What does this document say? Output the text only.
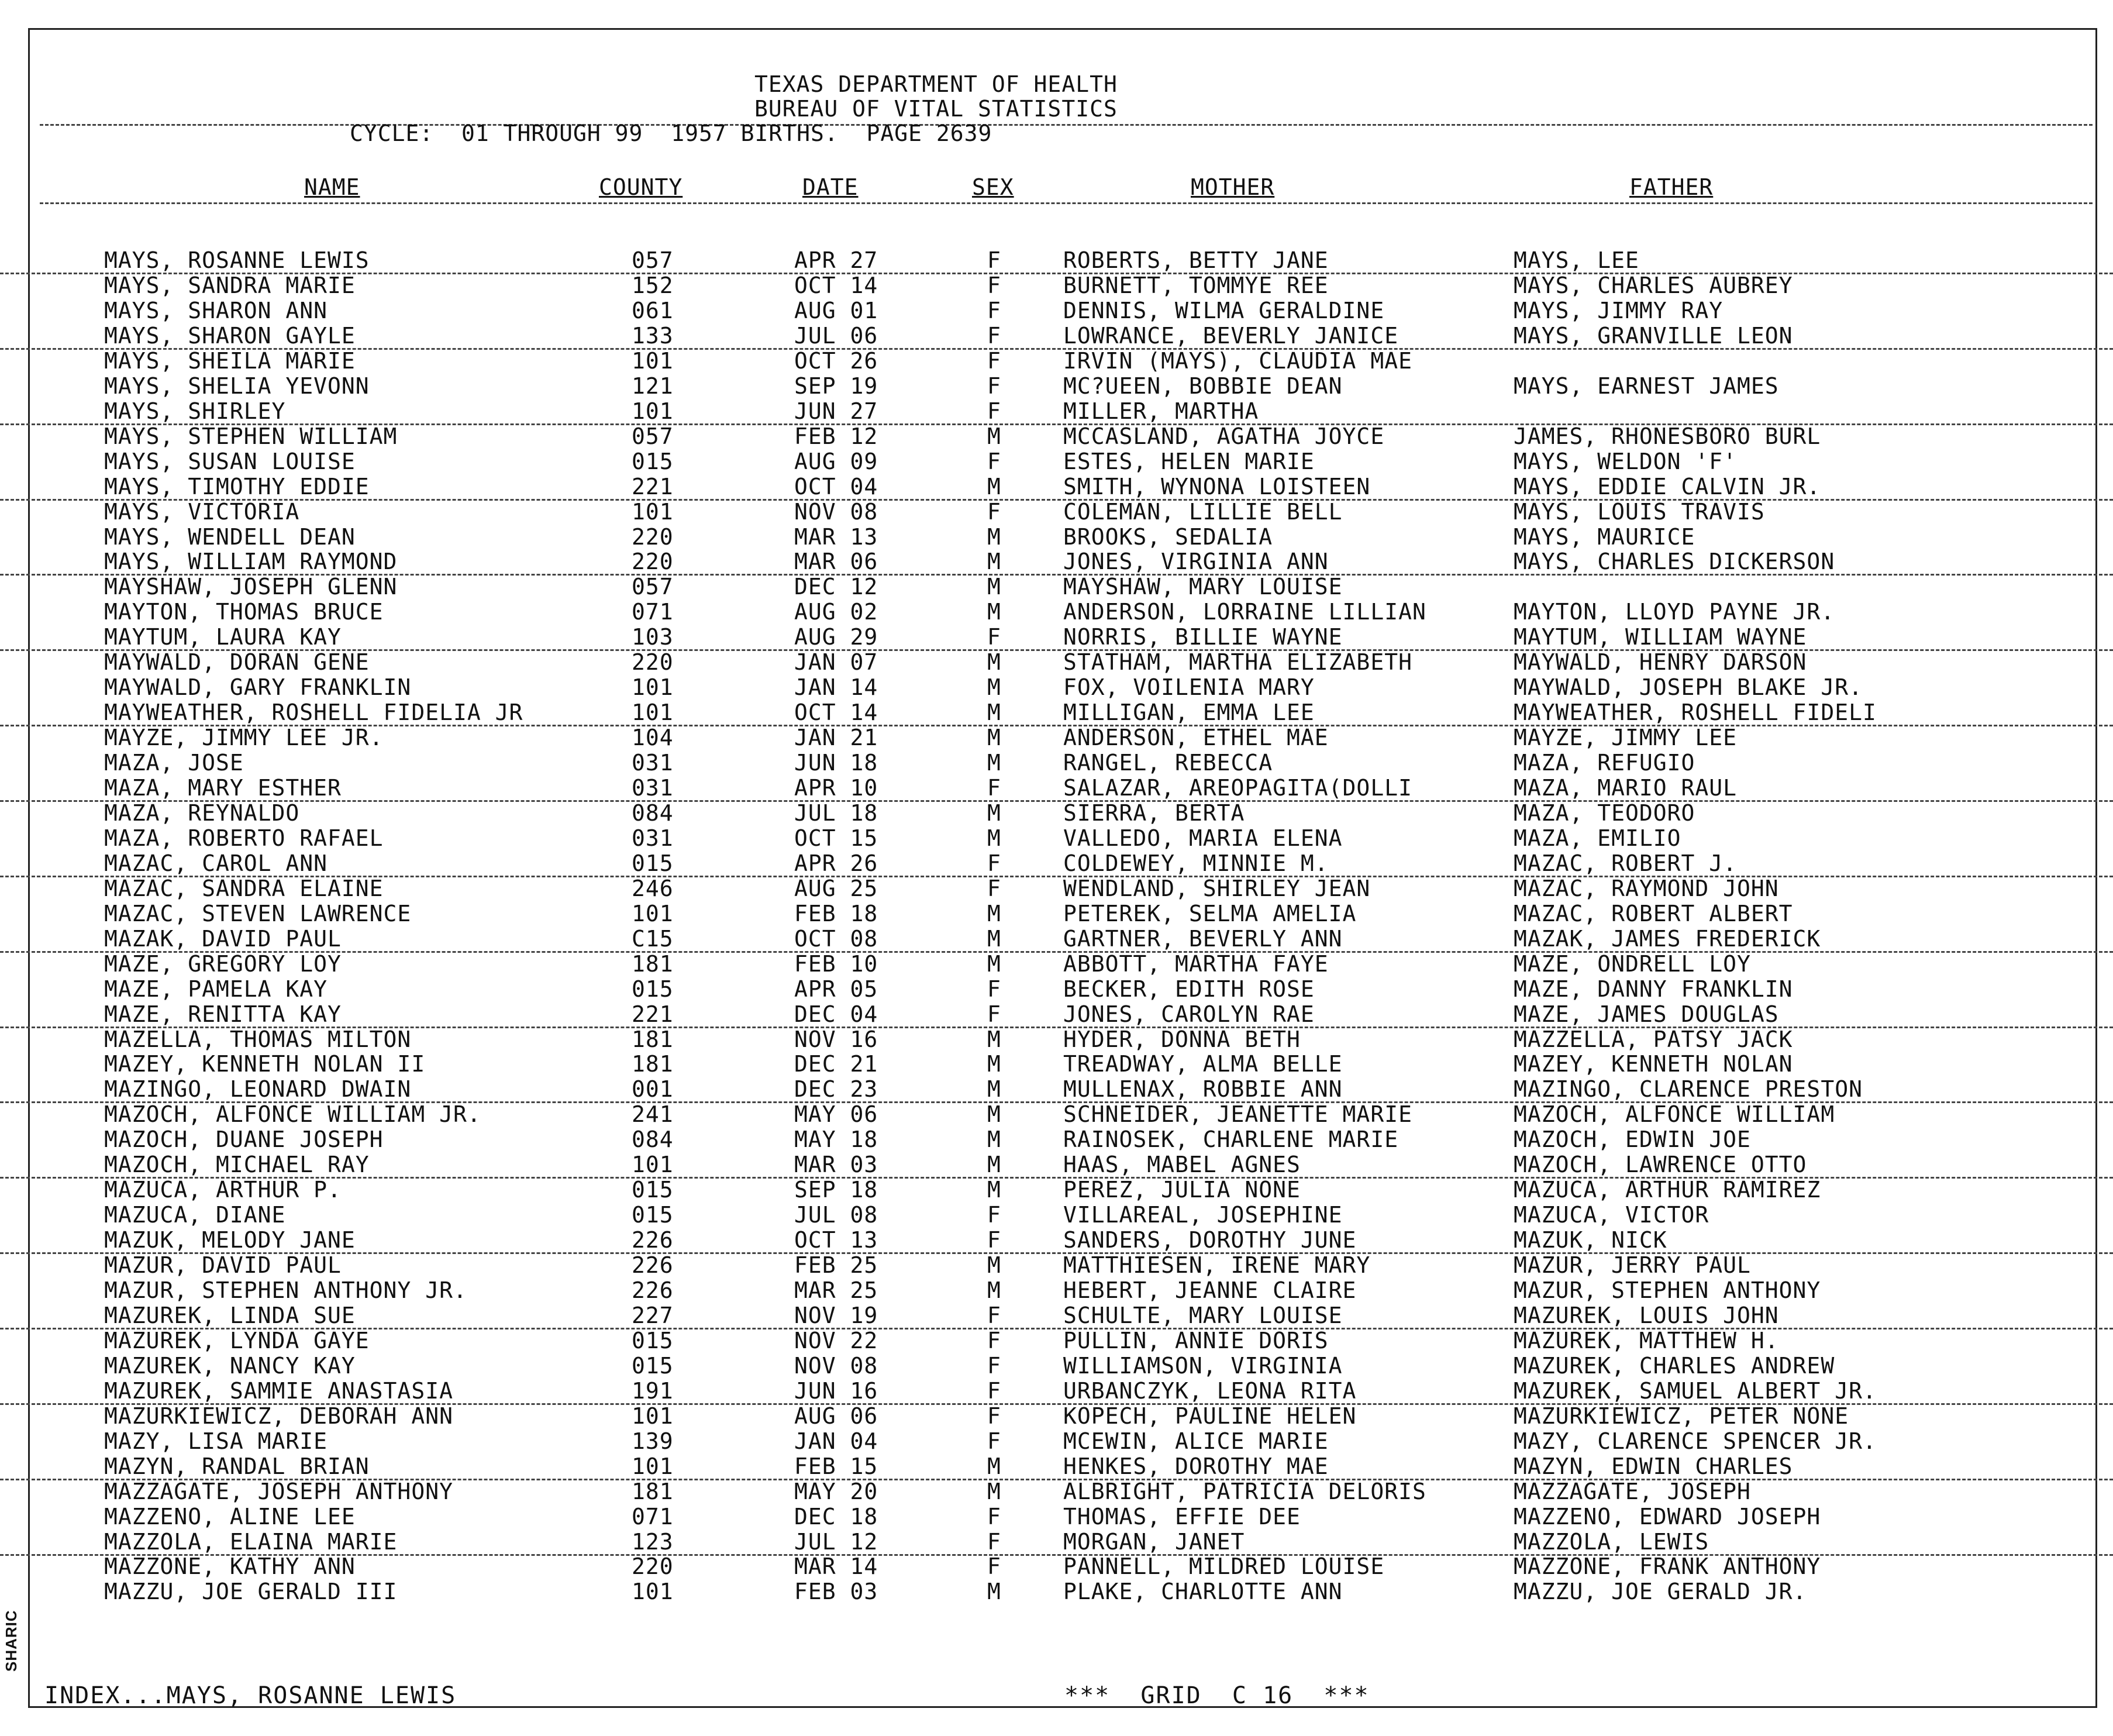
SHARIC
TEXAS DEPARTMENT OF HEALTH
BUREAU OF VITAL STATISTICS
CYCLE:  01 THROUGH 99  1957 BIRTHS.  PAGE 2639
NAME	COUNTY	DATE	SEX	MOTHER	FATHER
MAYS, ROSANNE LEWIS	057	APR 27	F	ROBERTS, BETTY JANE	MAYS, LEE
MAYS, SANDRA MARIE	152	OCT 14	F	BURNETT, TOMMYE REE	MAYS, CHARLES AUBREY
MAYS, SHARON ANN	061	AUG 01	F	DENNIS, WILMA GERALDINE	MAYS, JIMMY RAY
MAYS, SHARON GAYLE	133	JUL 06	F	LOWRANCE, BEVERLY JANICE	MAYS, GRANVILLE LEON
MAYS, SHEILA MARIE	101	OCT 26	F	IRVIN (MAYS), CLAUDIA MAE
MAYS, SHELIA YEVONN	121	SEP 19	F	MC?UEEN, BOBBIE DEAN	MAYS, EARNEST JAMES
MAYS, SHIRLEY	101	JUN 27	F	MILLER, MARTHA
MAYS, STEPHEN WILLIAM	057	FEB 12	M	MCCASLAND, AGATHA JOYCE	JAMES, RHONESBORO BURL
MAYS, SUSAN LOUISE	015	AUG 09	F	ESTES, HELEN MARIE	MAYS, WELDON 'F'
MAYS, TIMOTHY EDDIE	221	OCT 04	M	SMITH, WYNONA LOISTEEN	MAYS, EDDIE CALVIN JR.
MAYS, VICTORIA	101	NOV 08	F	COLEMAN, LILLIE BELL	MAYS, LOUIS TRAVIS
MAYS, WENDELL DEAN	220	MAR 13	M	BROOKS, SEDALIA	MAYS, MAURICE
MAYS, WILLIAM RAYMOND	220	MAR 06	M	JONES, VIRGINIA ANN	MAYS, CHARLES DICKERSON
MAYSHAW, JOSEPH GLENN	057	DEC 12	M	MAYSHAW, MARY LOUISE
MAYTON, THOMAS BRUCE	071	AUG 02	M	ANDERSON, LORRAINE LILLIAN	MAYTON, LLOYD PAYNE JR.
MAYTUM, LAURA KAY	103	AUG 29	F	NORRIS, BILLIE WAYNE	MAYTUM, WILLIAM WAYNE
MAYWALD, DORAN GENE	220	JAN 07	M	STATHAM, MARTHA ELIZABETH	MAYWALD, HENRY DARSON
MAYWALD, GARY FRANKLIN	101	JAN 14	M	FOX, VOILENIA MARY	MAYWALD, JOSEPH BLAKE JR.
MAYWEATHER, ROSHELL FIDELIA JR	101	OCT 14	M	MILLIGAN, EMMA LEE	MAYWEATHER, ROSHELL FIDELI
MAYZE, JIMMY LEE JR.	104	JAN 21	M	ANDERSON, ETHEL MAE	MAYZE, JIMMY LEE
MAZA, JOSE	031	JUN 18	M	RANGEL, REBECCA	MAZA, REFUGIO
MAZA, MARY ESTHER	031	APR 10	F	SALAZAR, AREOPAGITA(DOLLI	MAZA, MARIO RAUL
MAZA, REYNALDO	084	JUL 18	M	SIERRA, BERTA	MAZA, TEODORO
MAZA, ROBERTO RAFAEL	031	OCT 15	M	VALLEDO, MARIA ELENA	MAZA, EMILIO
MAZAC, CAROL ANN	015	APR 26	F	COLDEWEY, MINNIE M.	MAZAC, ROBERT J.
MAZAC, SANDRA ELAINE	246	AUG 25	F	WENDLAND, SHIRLEY JEAN	MAZAC, RAYMOND JOHN
MAZAC, STEVEN LAWRENCE	101	FEB 18	M	PETEREK, SELMA AMELIA	MAZAC, ROBERT ALBERT
MAZAK, DAVID PAUL	C15	OCT 08	M	GARTNER, BEVERLY ANN	MAZAK, JAMES FREDERICK
MAZE, GREGORY LOY	181	FEB 10	M	ABBOTT, MARTHA FAYE	MAZE, ONDRELL LOY
MAZE, PAMELA KAY	015	APR 05	F	BECKER, EDITH ROSE	MAZE, DANNY FRANKLIN
MAZE, RENITTA KAY	221	DEC 04	F	JONES, CAROLYN RAE	MAZE, JAMES DOUGLAS
MAZELLA, THOMAS MILTON	181	NOV 16	M	HYDER, DONNA BETH	MAZZELLA, PATSY JACK
MAZEY, KENNETH NOLAN II	181	DEC 21	M	TREADWAY, ALMA BELLE	MAZEY, KENNETH NOLAN
MAZINGO, LEONARD DWAIN	001	DEC 23	M	MULLENAX, ROBBIE ANN	MAZINGO, CLARENCE PRESTON
MAZOCH, ALFONCE WILLIAM JR.	241	MAY 06	M	SCHNEIDER, JEANETTE MARIE	MAZOCH, ALFONCE WILLIAM
MAZOCH, DUANE JOSEPH	084	MAY 18	M	RAINOSEK, CHARLENE MARIE	MAZOCH, EDWIN JOE
MAZOCH, MICHAEL RAY	101	MAR 03	M	HAAS, MABEL AGNES	MAZOCH, LAWRENCE OTTO
MAZUCA, ARTHUR P.	015	SEP 18	M	PEREZ, JULIA NONE	MAZUCA, ARTHUR RAMIREZ
MAZUCA, DIANE	015	JUL 08	F	VILLAREAL, JOSEPHINE	MAZUCA, VICTOR
MAZUK, MELODY JANE	226	OCT 13	F	SANDERS, DOROTHY JUNE	MAZUK, NICK
MAZUR, DAVID PAUL	226	FEB 25	M	MATTHIESEN, IRENE MARY	MAZUR, JERRY PAUL
MAZUR, STEPHEN ANTHONY JR.	226	MAR 25	M	HEBERT, JEANNE CLAIRE	MAZUR, STEPHEN ANTHONY
MAZUREK, LINDA SUE	227	NOV 19	F	SCHULTE, MARY LOUISE	MAZUREK, LOUIS JOHN
MAZUREK, LYNDA GAYE	015	NOV 22	F	PULLIN, ANNIE DORIS	MAZUREK, MATTHEW H.
MAZUREK, NANCY KAY	015	NOV 08	F	WILLIAMSON, VIRGINIA	MAZUREK, CHARLES ANDREW
MAZUREK, SAMMIE ANASTASIA	191	JUN 16	F	URBANCZYK, LEONA RITA	MAZUREK, SAMUEL ALBERT JR.
MAZURKIEWICZ, DEBORAH ANN	101	AUG 06	F	KOPECH, PAULINE HELEN	MAZURKIEWICZ, PETER NONE
MAZY, LISA MARIE	139	JAN 04	F	MCEWIN, ALICE MARIE	MAZY, CLARENCE SPENCER JR.
MAZYN, RANDAL BRIAN	101	FEB 15	M	HENKES, DOROTHY MAE	MAZYN, EDWIN CHARLES
MAZZAGATE, JOSEPH ANTHONY	181	MAY 20	M	ALBRIGHT, PATRICIA DELORIS	MAZZAGATE, JOSEPH
MAZZENO, ALINE LEE	071	DEC 18	F	THOMAS, EFFIE DEE	MAZZENO, EDWARD JOSEPH
MAZZOLA, ELAINA MARIE	123	JUL 12	F	MORGAN, JANET	MAZZOLA, LEWIS
MAZZONE, KATHY ANN	220	MAR 14	F	PANNELL, MILDRED LOUISE	MAZZONE, FRANK ANTHONY
MAZZU, JOE GERALD III	101	FEB 03	M	PLAKE, CHARLOTTE ANN	MAZZU, JOE GERALD JR.
INDEX...MAYS, ROSANNE LEWIS	***  GRID  C 16  ***
